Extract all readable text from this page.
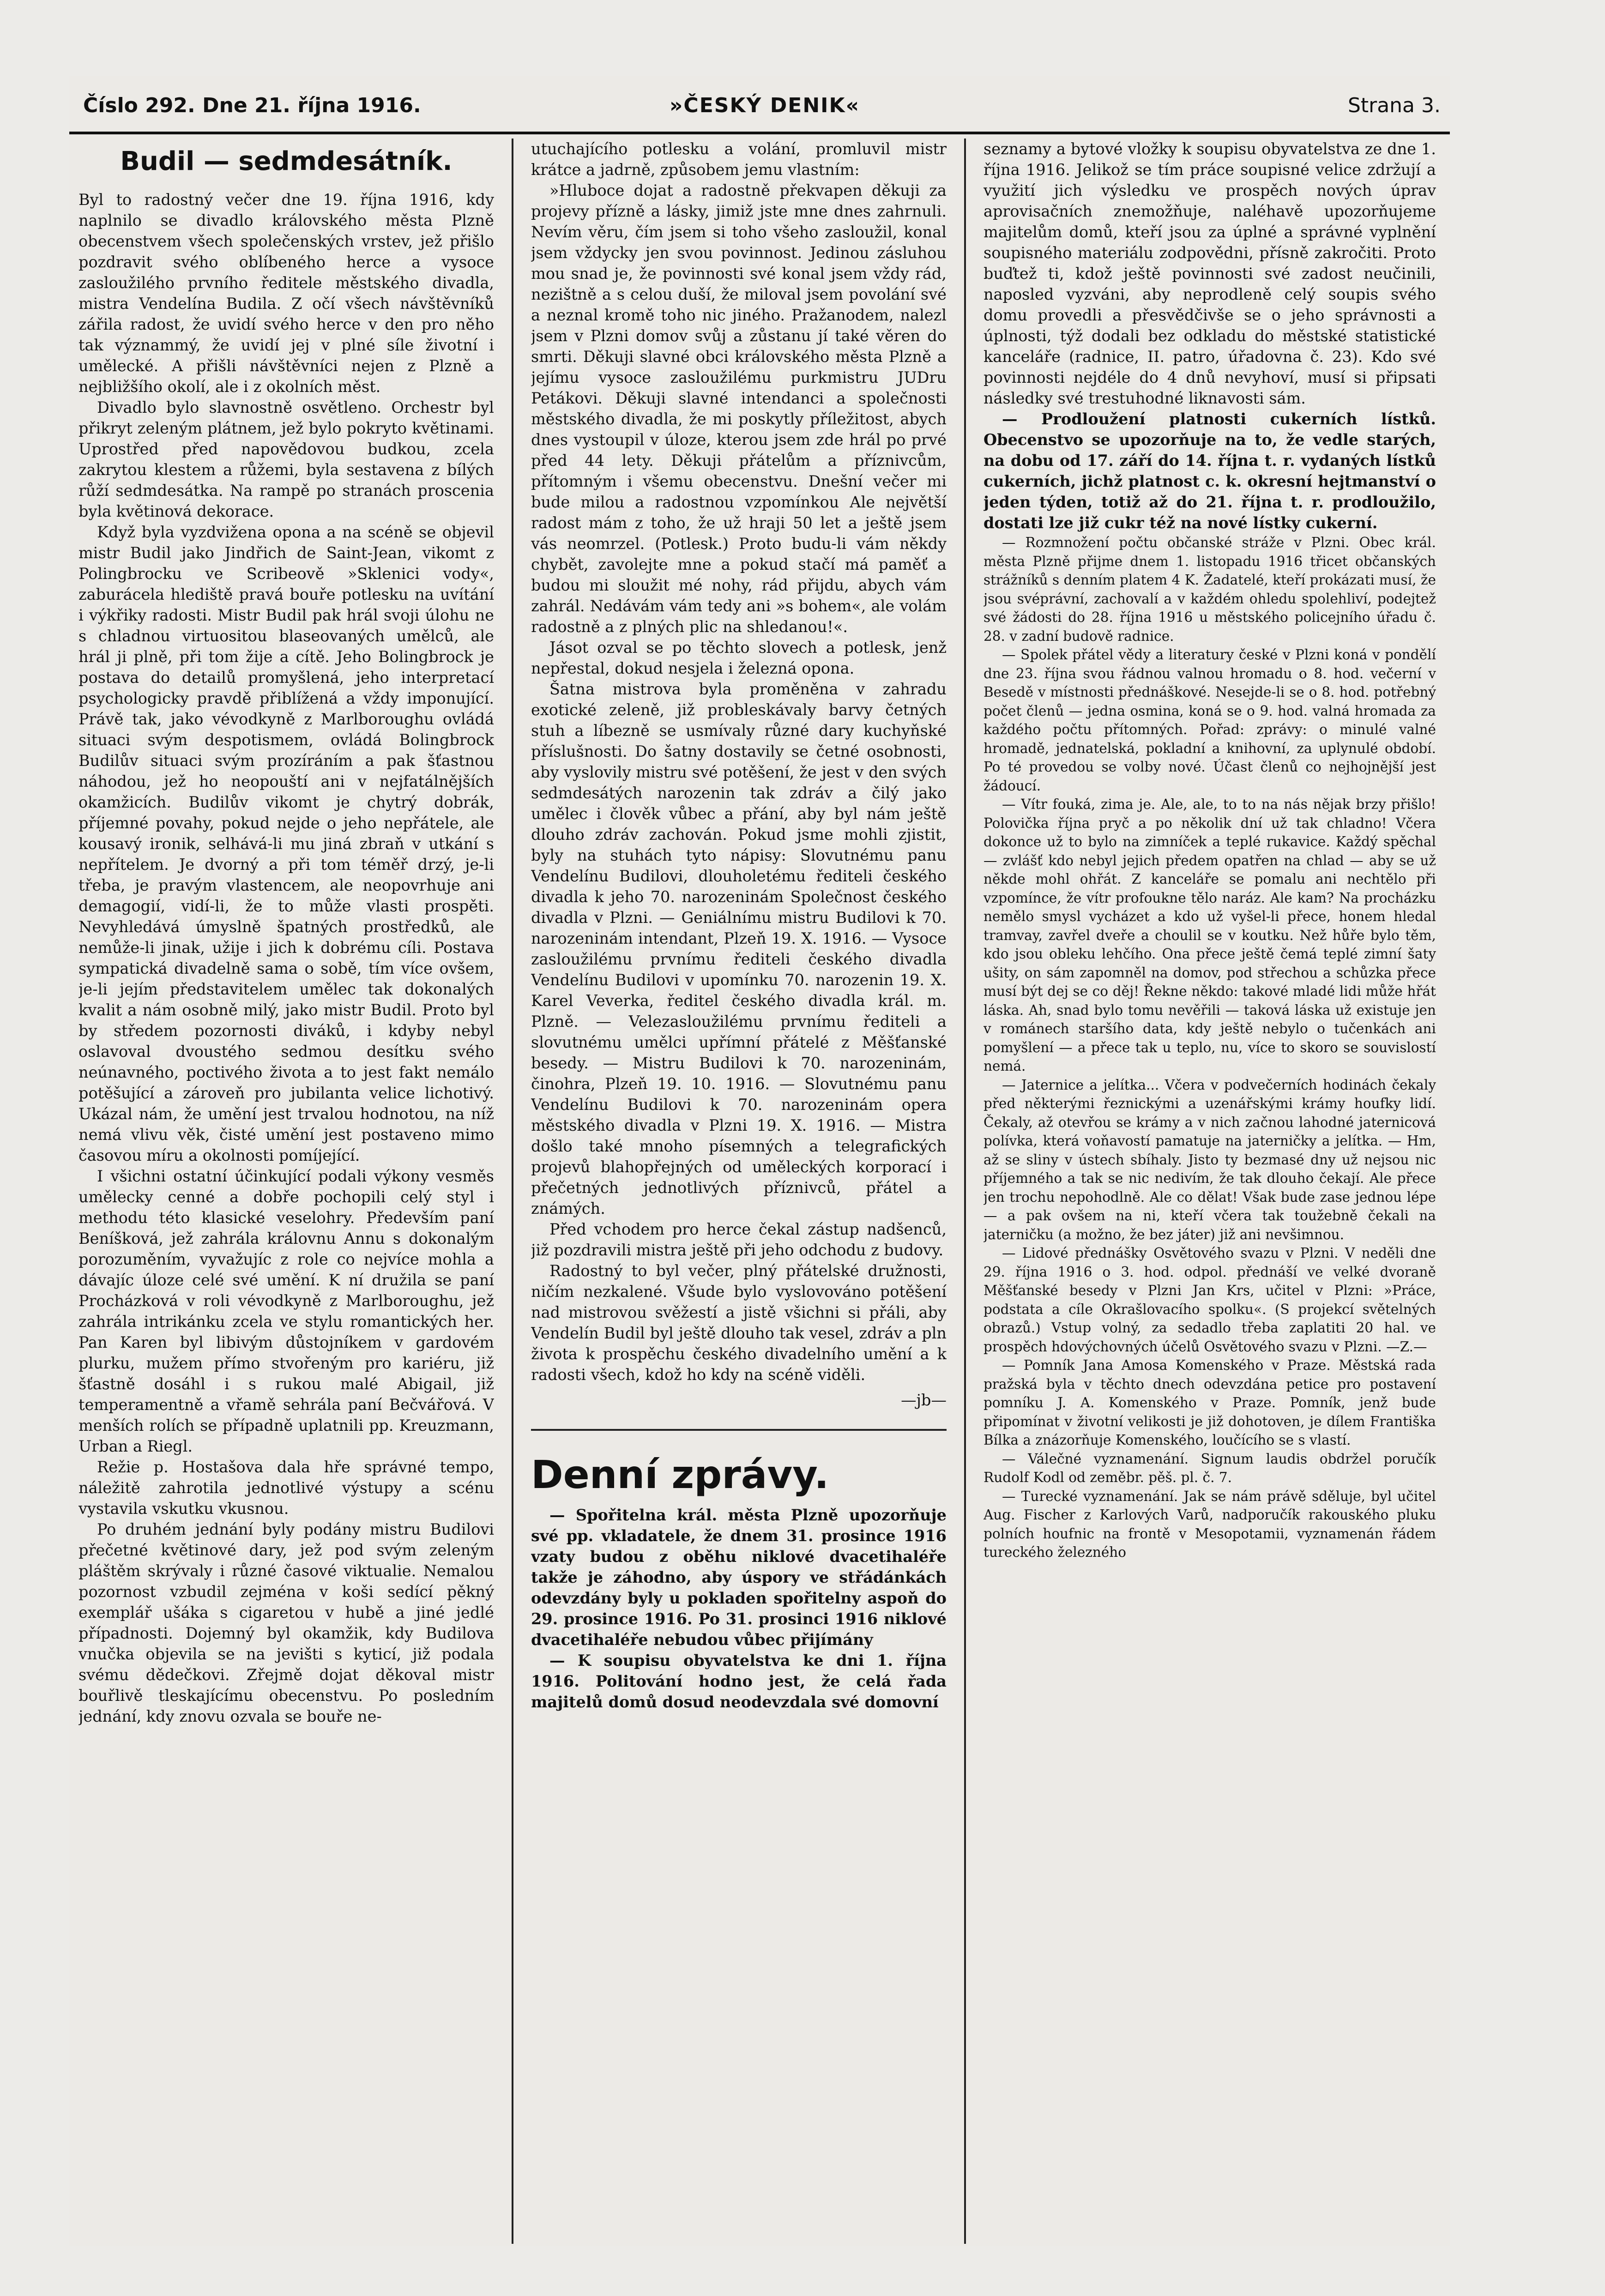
Číslo 292. Dne 21. října 1916.	»ČESKÝ DENIK«	Strana 3.
Budil — sedmdesátník.

Byl to radostný večer dne 19. října 1916, kdy naplnilo se divadlo královského města Plzně obecenstvem všech společenských vrstev, jež přišlo pozdravit svého oblíbeného herce a vysoce zasloužilého prvního ředitele městského divadla, mistra Vendelína Budila. Z očí všech návštěvníků zářila radost, že uvidí svého herce v den pro něho tak význammý, že uvidí jej v plné síle životní i umělecké. A přišli návštěvníci nejen z Plzně a nejbližšího okolí, ale i z okolních měst.

Divadlo bylo slavnostně osvětleno. Orchestr byl přikryt zeleným plátnem, jež bylo pokryto květinami. Uprostřed před napovědovou budkou, zcela zakrytou klestem a růžemi, byla sestavena z bílých růží sedmdesátka. Na rampě po stranách proscenia byla květinová dekorace.

Když byla vyzdvižena opona a na scéně se objevil mistr Budil jako Jindřich de Saint-Jean, vikomt z Polingbrocku ve Scribeově »Sklenici vody«, zaburácela hlediště pravá bouře potlesku na uvítání i výkřiky radosti. Mistr Budil pak hrál svoji úlohu ne s chladnou virtuositou blaseovaných umělců, ale hrál ji plně, při tom žije a cítě. Jeho Bolingbrock je postava do detailů promyšlená, jeho interpretací psychologicky pravdě přiblížená a vždy imponující. Právě tak, jako vévodkyně z Marlboroughu ovládá situaci svým despotismem, ovládá Bolingbrock Budilův situaci svým prozíráním a pak šťastnou náhodou, jež ho neopouští ani v nejfatálnějších okamžicích. Budilův vikomt je chytrý dobrák, příjemné povahy, pokud nejde o jeho nepřátele, ale kousavý ironik, selhává-li mu jiná zbraň v utkání s nepřítelem. Je dvorný a při tom téměř drzý, je-li třeba, je pravým vlastencem, ale neopovrhuje ani demagogií, vidí-li, že to může vlasti prospěti. Nevyhledává úmyslně špatných prostředků, ale nemůže-li jinak, užije i jich k dobrému cíli. Postava sympatická divadelně sama o sobě, tím více ovšem, je-li jejím představitelem umělec tak dokonalých kvalit a nám osobně milý, jako mistr Budil. Proto byl by středem pozornosti diváků, i kdyby nebyl oslavoval dvoustého sedmou desítku svého neúnavného, poctivého života a to jest fakt nemálo potěšující a zároveň pro jubilanta velice lichotivý. Ukázal nám, že umění jest trvalou hodnotou, na níž nemá vlivu věk, čisté umění jest postaveno mimo časovou míru a okolnosti pomíjející.

I všichni ostatní účinkující podali výkony vesměs umělecky cenné a dobře pochopili celý styl i methodu této klasické veselohry. Především paní Beníšková, jež zahrála královnu Annu s dokonalým porozuměním, vyvažujíc z role co nejvíce mohla a dávajíc úloze celé své umění. K ní družila se paní Procházková v roli vévodkyně z Marlboroughu, jež zahrála intrikánku zcela ve stylu romantických her. Pan Karen byl libivým důstojníkem v gardovém plurku, mužem přímo stvořeným pro kariéru, již šťastně dosáhl i s rukou malé Abigail, již temperamentně a vřamě sehrála paní Bečvářová. V menších rolích se případně uplatnili pp. Kreuzmann, Urban a Riegl.

Režie p. Hostašova dala hře správné tempo, náležitě zahrotila jednotlivé výstupy a scénu vystavila vskutku vkusnou.

Po druhém jednání byly podány mistru Budilovi přečetné květinové dary, jež pod svým zeleným pláštěm skrývaly i různé časové viktualie. Nemalou pozornost vzbudil zejména v koši sedící pěkný exemplář ušáka s cigaretou v hubě a jiné jedlé případnosti. Dojemný byl okamžik, kdy Budilova vnučka objevila se na jevišti s kyticí, již podala svému dědečkovi. Zřejmě dojat děkoval mistr bouřlivě tleskajícímu obecenstvu. Po posledním jednání, kdy znovu ozvala se bouře ne-

utuchajícího potlesku a volání, promluvil mistr krátce a jadrně, způsobem jemu vlastním:

»Hluboce dojat a radostně překvapen děkuji za projevy přízně a lásky, jimiž jste mne dnes zahrnuli. Nevím věru, čím jsem si toho všeho zasloužil, konal jsem vždycky jen svou povinnost. Jedinou zásluhou mou snad je, že povinnosti své konal jsem vždy rád, nezištně a s celou duší, že miloval jsem povolání své a neznal kromě toho nic jiného. Pražanodem, nalezl jsem v Plzni domov svůj a zůstanu jí také věren do smrti. Děkuji slavné obci královského města Plzně a jejímu vysoce zasloužilému purkmistru JUDru Petákovi. Děkuji slavné intendanci a společnosti městského divadla, že mi poskytly příležitost, abych dnes vystoupil v úloze, kterou jsem zde hrál po prvé před 44 lety. Děkuji přátelům a příznivcům, přítomným i všemu obecenstvu. Dnešní večer mi bude milou a radostnou vzpomínkou Ale největší radost mám z toho, že už hraji 50 let a ještě jsem vás neomrzel. (Potlesk.) Proto budu-li vám někdy chybět, zavolejte mne a pokud stačí má paměť a budou mi sloužit mé nohy, rád přijdu, abych vám zahrál. Nedávám vám tedy ani »s bohem«, ale volám radostně a z plných plic na shledanou!«.

Jásot ozval se po těchto slovech a potlesk, jenž nepřestal, dokud nesjela i železná opona.

Šatna mistrova byla proměněna v zahradu exotické zeleně, již probleskávaly barvy četných stuh a líbezně se usmívaly různé dary kuchyňské příslušnosti. Do šatny dostavily se četné osobnosti, aby vyslovily mistru své potěšení, že jest v den svých sedmdesátých narozenin tak zdráv a čilý jako umělec i člověk vůbec a přání, aby byl nám ještě dlouho zdráv zachován. Pokud jsme mohli zjistit, byly na stuhách tyto nápisy: Slovutnému panu Vendelínu Budilovi, dlouholetému řediteli českého divadla k jeho 70. narozeninám Společnost českého divadla v Plzni. — Geniálnímu mistru Budilovi k 70. narozeninám intendant, Plzeň 19. X. 1916. — Vysoce zasloužilému prvnímu řediteli českého divadla Vendelínu Budilovi v upomínku 70. narozenin 19. X. Karel Veverka, ředitel českého divadla král. m. Plzně. — Velezasloužilému prvnímu řediteli a slovutnému umělci upřímní přátelé z Měšťanské besedy. — Mistru Budilovi k 70. narozeninám, činohra, Plzeň 19. 10. 1916. — Slovutnému panu Vendelínu Budilovi k 70. narozeninám opera městského divadla v Plzni 19. X. 1916. — Mistra došlo také mnoho písemných a telegrafických projevů blahopřejných od uměleckých korporací i přečetných jednotlivých příznivců, přátel a známých.

Před vchodem pro herce čekal zástup nadšenců, již pozdravili mistra ještě při jeho odchodu z budovy.

Radostný to byl večer, plný přátelské družnosti, ničím nezkalené. Všude bylo vyslovováno potěšení nad mistrovou svěžestí a jistě všichni si přáli, aby Vendelín Budil byl ještě dlouho tak vesel, zdráv a pln života k prospěchu českého divadelního umění a k radosti všech, kdož ho kdy na scéně viděli.

—jb—
Denní zprávy.

— Spořitelna král. města Plzně upozorňuje své pp. vkladatele, že dnem 31. prosince 1916 vzaty budou z oběhu niklové dvacetihaléře takže je záhodno, aby úspory ve střádánkách odevzdány byly u pokladen spořitelny aspoň do 29. prosince 1916. Po 31. prosinci 1916 niklové dvacetihaléře nebudou vůbec přijímány

— K soupisu obyvatelstva ke dni 1. října 1916. Politování hodno jest, že celá řada majitelů domů dosud neodevzdala své domovní

seznamy a bytové vložky k soupisu obyvatelstva ze dne 1. října 1916. Jelikož se tím práce soupisné velice zdržují a využití jich výsledku ve prospěch nových úprav aprovisačních znemožňuje, naléhavě upozorňujeme majitelům domů, kteří jsou za úplné a správné vyplnění soupisného materiálu zodpovědni, přísně zakročiti. Proto buďtež ti, kdož ještě povinnosti své zadost neučinili, naposled vyzváni, aby neprodleně celý soupis svého domu provedli a přesvědčivše se o jeho správnosti a úplnosti, týž dodali bez odkladu do městské statistické kanceláře (radnice, II. patro, úřadovna č. 23). Kdo své povinnosti nejdéle do 4 dnů nevyhoví, musí si připsati následky své trestuhodné liknavosti sám.

— Prodloužení platnosti cukerních lístků. Obecenstvo se upozorňuje na to, že vedle starých, na dobu od 17. září do 14. října t. r. vydaných lístků cukerních, jichž platnost c. k. okresní hejtmanství o jeden týden, totiž až do 21. října t. r. prodloužilo, dostati lze již cukr též na nové lístky cukerní.

— Rozmnožení počtu občanské stráže v Plzni. Obec král. města Plzně přijme dnem 1. listopadu 1916 třicet občanských strážníků s denním platem 4 K. Žadatelé, kteří prokázati musí, že jsou svéprávní, zachovalí a v každém ohledu spolehliví, podejtež své žádosti do 28. října 1916 u městského policejního úřadu č. 28. v zadní budově radnice.

— Spolek přátel vědy a literatury české v Plzni koná v pondělí dne 23. října svou řádnou valnou hromadu o 8. hod. večerní v Besedě v místnosti přednáškové. Nesejde-li se o 8. hod. potřebný počet členů — jedna osmina, koná se o 9. hod. valná hromada za každého počtu přítomných. Pořad: zprávy: o minulé valné hromadě, jednatelská, pokladní a knihovní, za uplynulé období. Po té provedou se volby nové. Účast členů co nejhojnější jest žádoucí.

— Vítr fouká, zima je. Ale, ale, to to na nás nějak brzy přišlo! Polovička října pryč a po několik dní už tak chladno! Včera dokonce už to bylo na zimníček a teplé rukavice. Každý spěchal — zvlášť kdo nebyl jejich předem opatřen na chlad — aby se už někde mohl ohřát. Z kanceláře se pomalu ani nechtělo při vzpomínce, že vítr profoukne tělo naráz. Ale kam? Na procházku nemělo smysl vycházet a kdo už vyšel-li přece, honem hledal tramvay, zavřel dveře a choulil se v koutku. Než hůře bylo těm, kdo jsou obleku lehčího. Ona přece ještě čemá teplé zimní šaty ušity, on sám zapomněl na domov, pod střechou a schůzka přece musí být dej se co děj! Řekne někdo: takové mladé lidi může hřát láska. Ah, snad bylo tomu nevěřili — taková láska už existuje jen v románech staršího data, kdy ještě nebylo o tučenkách ani pomyšlení — a přece tak u teplo, nu, více to skoro se souvislostí nemá.

— Jaternice a jelítka... Včera v podvečerních hodinách čekaly před některými řeznickými a uzenářskými krámy houfky lidí. Čekaly, až otevřou se krámy a v nich začnou lahodné jaternicová polívka, která voňavostí pamatuje na jaterničky a jelítka. — Hm, až se sliny v ústech sbíhaly. Jisto ty bezmasé dny už nejsou nic příjemného a tak se nic nedivím, že tak dlouho čekají. Ale přece jen trochu nepohodlně. Ale co dělat! Však bude zase jednou lépe — a pak ovšem na ni, kteří včera tak toužebně čekali na jaterničku (a možno, že bez játer) již ani nevšimnou.

— Lidové přednášky Osvětového svazu v Plzni. V neděli dne 29. října 1916 o 3. hod. odpol. přednáší ve velké dvoraně Měšťanské besedy v Plzni Jan Krs, učitel v Plzni: »Práce, podstata a cíle Okrašlovacího spolku«. (S projekcí světelných obrazů.) Vstup volný, za sedadlo třeba zaplatiti 20 hal. ve prospěch hdovýchovných účelů Osvětového svazu v Plzni. —Z.—

— Pomník Jana Amosa Komenského v Praze. Městská rada pražská byla v těchto dnech odevzdána petice pro postavení pomníku J. A. Komenského v Praze. Pomník, jenž bude připomínat v životní velikosti je již dohotoven, je dílem Františka Bílka a znázorňuje Komenského, loučícího se s vlastí.

— Válečné vyznamenání. Signum laudis obdržel poručík Rudolf Kodl od zeměbr. pěš. pl. č. 7.

— Turecké vyznamenání. Jak se nám právě sděluje, byl učitel Aug. Fischer z Karlových Varů, nadporučík rakouského pluku polních houfnic na frontě v Mesopotamii, vyznamenán řádem tureckého železného
